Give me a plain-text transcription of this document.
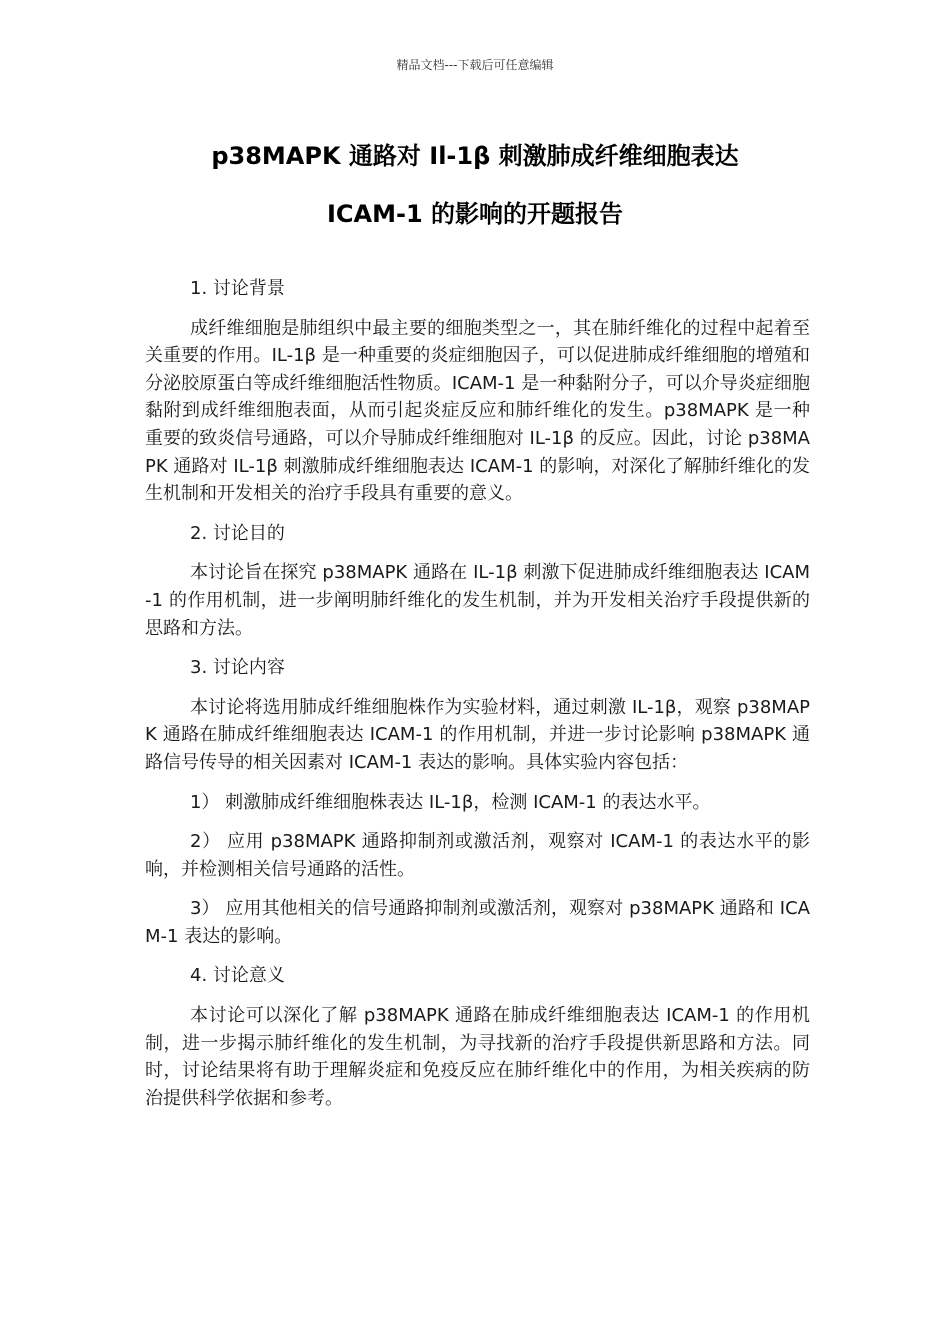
精品文档---下载后可任意编辑
p38MAPK 通路对 Il-1β 刺激肺成纤维细胞表达
ICAM-1 的影响的开题报告

1. 讨论背景

成纤维细胞是肺组织中最主要的细胞类型之一，其在肺纤维化的过程中起着至关重要的作用。IL-1β 是一种重要的炎症细胞因子，可以促进肺成纤维细胞的增殖和分泌胶原蛋白等成纤维细胞活性物质。ICAM-1 是一种黏附分子，可以介导炎症细胞黏附到成纤维细胞表面，从而引起炎症反应和肺纤维化的发生。p38MAPK 是一种重要的致炎信号通路，可以介导肺成纤维细胞对 IL-1β 的反应。因此，讨论 p38MAPK 通路对 IL-1β 刺激肺成纤维细胞表达 ICAM-1 的影响，对深化了解肺纤维化的发生机制和开发相关的治疗手段具有重要的意义。

2. 讨论目的

本讨论旨在探究 p38MAPK 通路在 IL-1β 刺激下促进肺成纤维细胞表达 ICAM-1 的作用机制，进一步阐明肺纤维化的发生机制，并为开发相关治疗手段提供新的思路和方法。

3. 讨论内容

本讨论将选用肺成纤维细胞株作为实验材料，通过刺激 IL-1β，观察 p38MAPK 通路在肺成纤维细胞表达 ICAM-1 的作用机制，并进一步讨论影响 p38MAPK 通路信号传导的相关因素对 ICAM-1 表达的影响。具体实验内容包括：

1） 刺激肺成纤维细胞株表达 IL-1β，检测 ICAM-1 的表达水平。

2） 应用 p38MAPK 通路抑制剂或激活剂，观察对 ICAM-1 的表达水平的影响，并检测相关信号通路的活性。

3） 应用其他相关的信号通路抑制剂或激活剂，观察对 p38MAPK 通路和 ICAM-1 表达的影响。

4. 讨论意义

本讨论可以深化了解 p38MAPK 通路在肺成纤维细胞表达 ICAM-1 的作用机制，进一步揭示肺纤维化的发生机制，为寻找新的治疗手段提供新思路和方法。同时，讨论结果将有助于理解炎症和免疫反应在肺纤维化中的作用，为相关疾病的防治提供科学依据和参考。
